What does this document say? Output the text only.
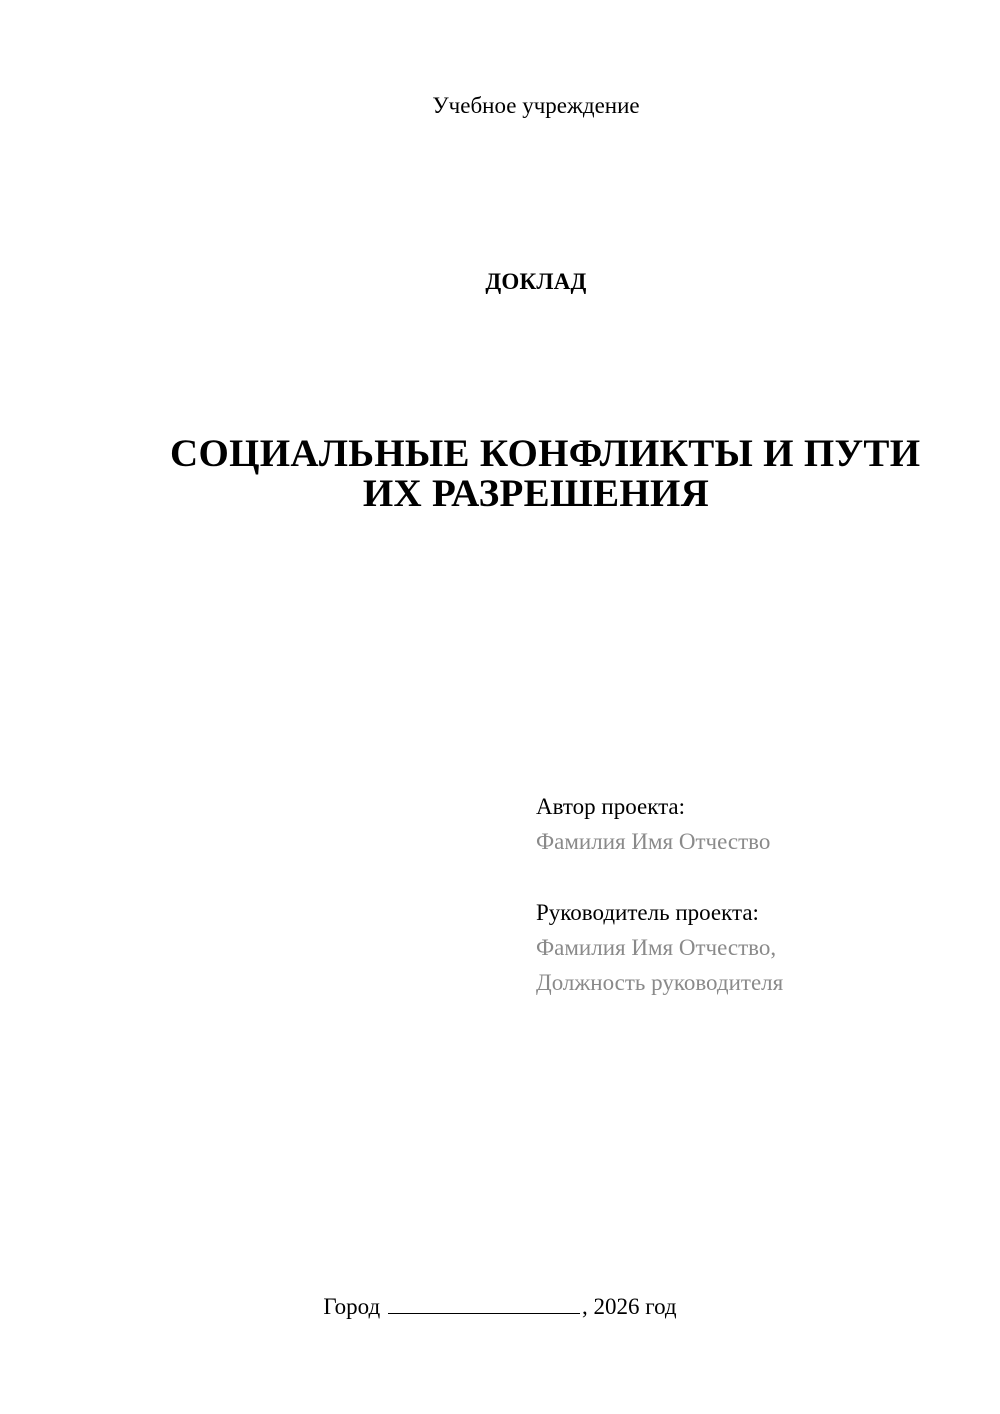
Учебное учреждение
ДОКЛАД
СОЦИАЛЬНЫЕ КОНФЛИКТЫ И ПУТИ
ИХ РАЗРЕШЕНИЯ
Автор проекта:
Фамилия Имя Отчество
Руководитель проекта:
Фамилия Имя Отчество,
Должность руководителя
Город	, 2026 год
